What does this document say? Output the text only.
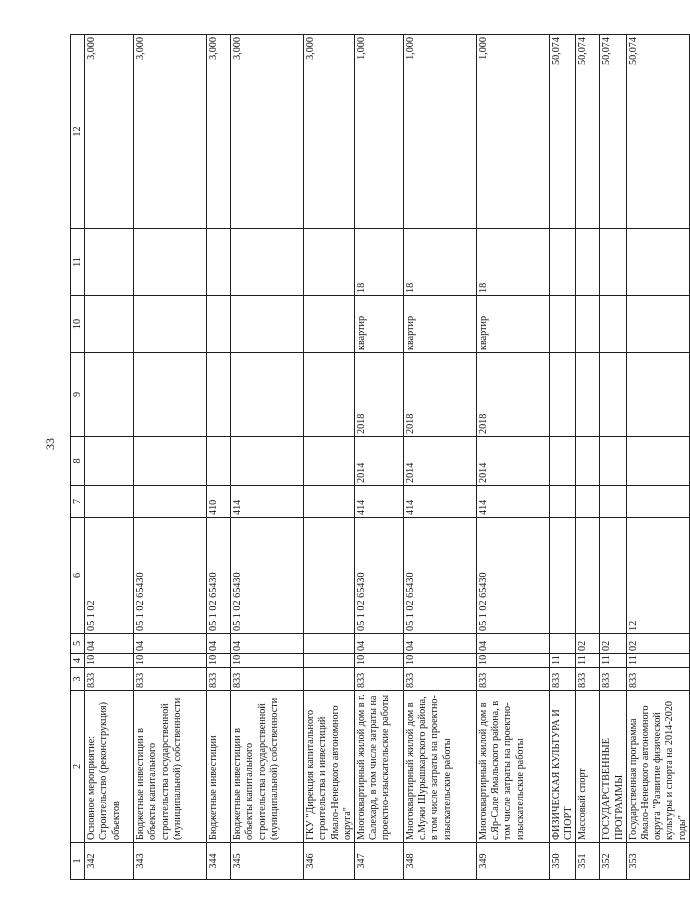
33
1	2	3	4	5	6	7	8	9	10	11	12
342	Основное мероприятие: Строительство (реконструкция) объектов	833	10	04	05 1 02						3,000
343	Бюджетные инвестиции в объекты капитального строительства государственной (муниципальной) собственности	833	10	04	05 1 02 65430						3,000
344	Бюджетные инвестиции	833	10	04	05 1 02 65430	410					3,000
345	Бюджетные инвестиции в объекты капитального строительства государственной (муниципальной) собственности	833	10	04	05 1 02 65430	414					3,000
346	ГКУ "Дирекция капитального строительства и инвестиций Ямало-Ненецкого автономного округа"										3,000
347	Многоквартирный жилой дом в г. Салехард, в том числе затраты на проектно-изыскательские работы	833	10	04	05 1 02 65430	414	2014	2018	квартир	18	1,000
348	Многоквартирный жилой дом в с.Мужи Шурышкарского района, в том числе затраты на проектно-изыскательские работы	833	10	04	05 1 02 65430	414	2014	2018	квартир	18	1,000
349	Многоквартирный жилой дом в с.Яр-Сале Ямальского района, в том числе затраты на проектно-изыскательские работы	833	10	04	05 1 02 65430	414	2014	2018	квартир	18	1,000
350	ФИЗИЧЕСКАЯ КУЛЬТУРА И СПОРТ	833	11								50,074
351	Массовый спорт	833	11	02							50,074
352	ГОСУДАРСТВЕННЫЕ ПРОГРАММЫ	833	11	02							50,074
353	Государственная программа Ямало-Ненецкого автономного округа "Развитие физической культуры и спорта на 2014-2020 годы"	833	11	02	12						50,074
